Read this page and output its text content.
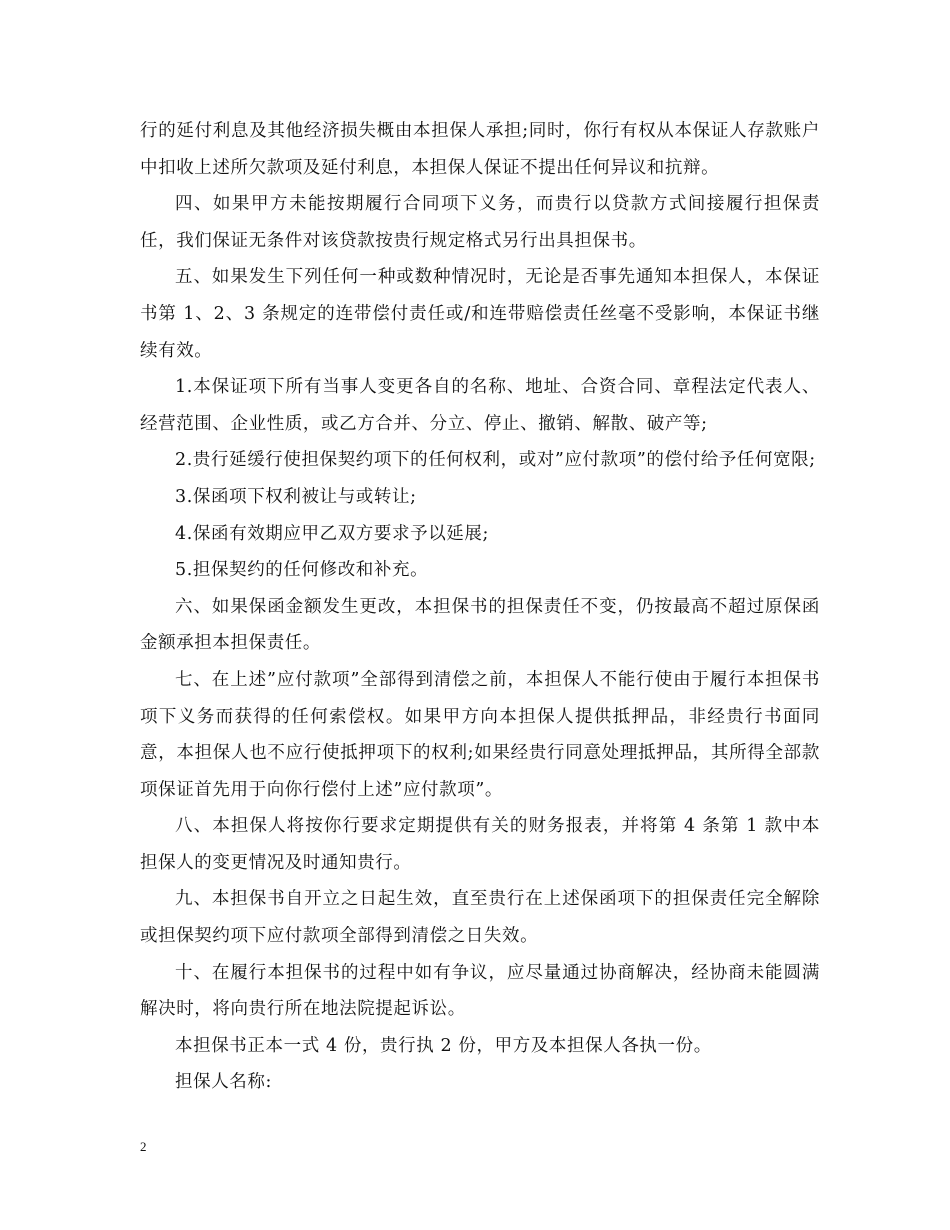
行的延付利息及其他经济损失概由本担保人承担;同时，你行有权从本保证人存款账户中扣收上述所欠款项及延付利息，本担保人保证不提出任何异议和抗辩。

四、如果甲方未能按期履行合同项下义务，而贵行以贷款方式间接履行担保责任，我们保证无条件对该贷款按贵行规定格式另行出具担保书。

五、如果发生下列任何一种或数种情况时，无论是否事先通知本担保人，本保证书第 1、2、3 条规定的连带偿付责任或/和连带赔偿责任丝毫不受影响，本保证书继续有效。

1.本保证项下所有当事人变更各自的名称、地址、合资合同、章程法定代表人、经营范围、企业性质，或乙方合并、分立、停止、撤销、解散、破产等;

2.贵行延缓行使担保契约项下的任何权利，或对”应付款项”的偿付给予任何宽限;

3.保函项下权利被让与或转让;

4.保函有效期应甲乙双方要求予以延展;

5.担保契约的任何修改和补充。

六、如果保函金额发生更改，本担保书的担保责任不变，仍按最高不超过原保函金额承担本担保责任。

七、在上述”应付款项”全部得到清偿之前，本担保人不能行使由于履行本担保书项下义务而获得的任何索偿权。如果甲方向本担保人提供抵押品，非经贵行书面同意，本担保人也不应行使抵押项下的权利;如果经贵行同意处理抵押品，其所得全部款项保证首先用于向你行偿付上述”应付款项”。

八、本担保人将按你行要求定期提供有关的财务报表，并将第 4 条第 1 款中本担保人的变更情况及时通知贵行。

九、本担保书自开立之日起生效，直至贵行在上述保函项下的担保责任完全解除或担保契约项下应付款项全部得到清偿之日失效。

十、在履行本担保书的过程中如有争议，应尽量通过协商解决，经协商未能圆满解决时，将向贵行所在地法院提起诉讼。

本担保书正本一式 4 份，贵行执 2 份，甲方及本担保人各执一份。

担保人名称:

2
